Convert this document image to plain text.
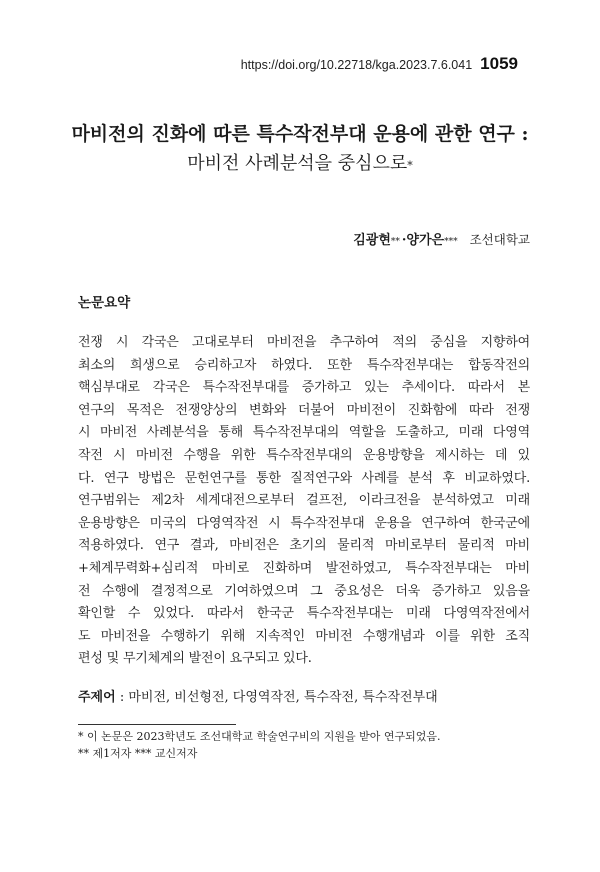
https://doi.org/10.22718/kga.2023.7.6.041 1059
마비전의 진화에 따른 특수작전부대 운용에 관한 연구 :
마비전 사례분석을 중심으로*
김광현 ** · 양가은 *** 조선대학교
논문요약
전쟁 시 각국은 고대로부터 마비전을 추구하여 적의 중심을 지향하여
최소의 희생으로 승리하고자 하였다. 또한 특수작전부대는 합동작전의
핵심부대로 각국은 특수작전부대를 증가하고 있는 추세이다. 따라서 본
연구의 목적은 전쟁양상의 변화와 더불어 마비전이 진화함에 따라 전쟁
시 마비전 사례분석을 통해 특수작전부대의 역할을 도출하고, 미래 다영역
작전 시 마비전 수행을 위한 특수작전부대의 운용방향을 제시하는 데 있
다. 연구 방법은 문헌연구를 통한 질적연구와 사례를 분석 후 비교하였다.
연구범위는 제2차 세계대전으로부터 걸프전, 이라크전을 분석하였고 미래
운용방향은 미국의 다영역작전 시 특수작전부대 운용을 연구하여 한국군에
적용하였다. 연구 결과, 마비전은 초기의 물리적 마비로부터 물리적 마비
+체계무력화+심리적 마비로 진화하며 발전하였고, 특수작전부대는 마비
전 수행에 결정적으로 기여하였으며 그 중요성은 더욱 증가하고 있음을
확인할 수 있었다. 따라서 한국군 특수작전부대는 미래 다영역작전에서
도 마비전을 수행하기 위해 지속적인 마비전 수행개념과 이를 위한 조직
편성 및 무기체계의 발전이 요구되고 있다.
주제어 : 마비전, 비선형전, 다영역작전, 특수작전, 특수작전부대
* 이 논문은 2023학년도 조선대학교 학술연구비의 지원을 받아 연구되었음.
** 제1저자 *** 교신저자
